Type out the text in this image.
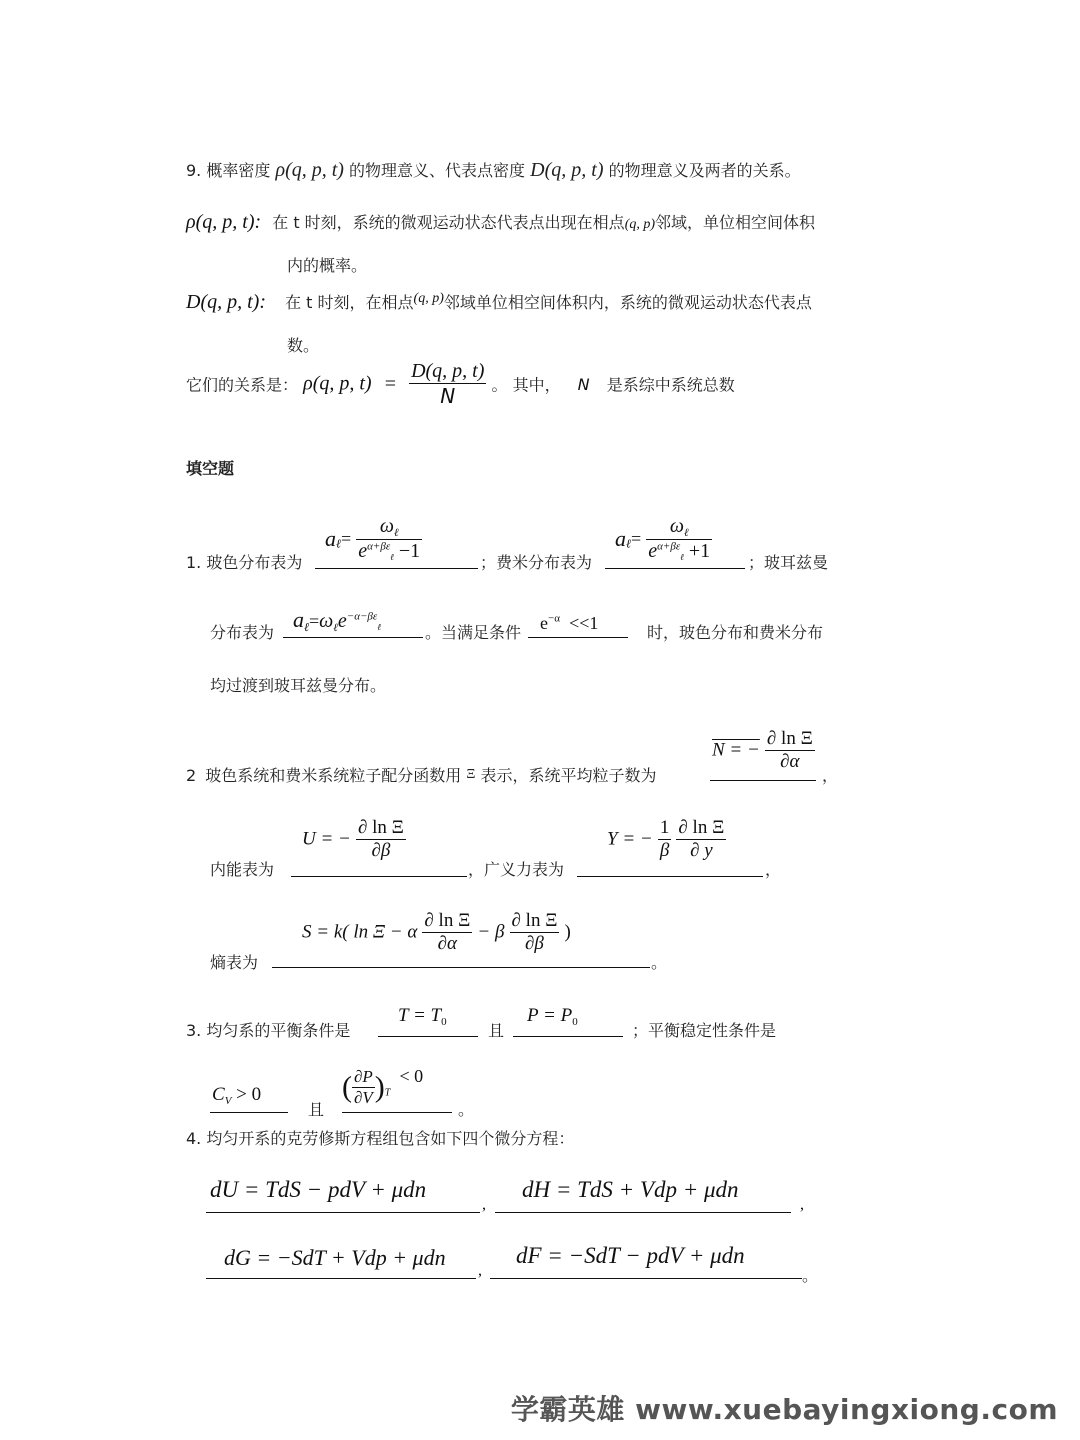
9. 概率密度 ρ(q, p, t) 的物理意义、代表点密度 D(q, p, t) 的物理意义及两者的关系。
ρ(q, p, t): 在 t 时刻，系统的微观运动状态代表点出现在相点(q, p)邻域，单位相空间体积
内的概率。
D(q, p, t): 在 t 时刻，在相点(q, p)邻域单位相空间体积内，系统的微观运动状态代表点
数。
它们的关系是： ρ(q, p, $t) = \frac{D(q, p, t)}{N}$ 。 其中， N 是系综中系统总数
填空题
1. 玻色分布表为
$a_\ell= \frac{\omega_\ell}{e^{\alpha+\beta\varepsilon}_\ell -1}$	；费米分布表为
$a_\ell= \frac{\omega_\ell}{e^{\alpha+\beta\varepsilon}_\ell +1}$ ；玻耳兹曼
分布表为
$a_\ell=\omega_\ell e^{-\alpha-\beta\varepsilon}_\ell$	。当满足条件 $e^{-\alpha} <<1$	时，玻色分布和费米分布
均过渡到玻耳兹曼分布。
2 玻色系统和费米系统粒子配分函数用 Ξ 表示，系统平均粒子数为
N = − $\frac{\text{∂ ln Ξ}}{\partial\alpha}$
，
内能表为
U = − $\frac{\text{∂ ln Ξ}}{\partial\beta}$
，广义力表为
Y = − $\frac{1}{\beta}$
$\frac{\text{∂ ln Ξ}}{\partial y}$
，
熵表为
S = k( ln Ξ − α $\frac{\text{∂ ln Ξ}}{\partial\alpha} - \beta \frac{\text{∂ ln Ξ}}{\partial\beta}$ )
。
3. 均匀系的平衡条件是
$T = T_0$	且
$P = P_0$	；平衡稳定性条件是
$C_V > 0$
且
( $\frac{\partial P}{\partial V} )_T < 0$
。
4. 均匀开系的克劳修斯方程组包含如下四个微分方程：
dU = TdS − pdV + μdn
,
dH = TdS + Vdp + μdn
,
dG = −SdT + Vdp + μdn
,
dF = −SdT − pdV + μdn
。
学霸英雄 www.xuebayingxiong.com
